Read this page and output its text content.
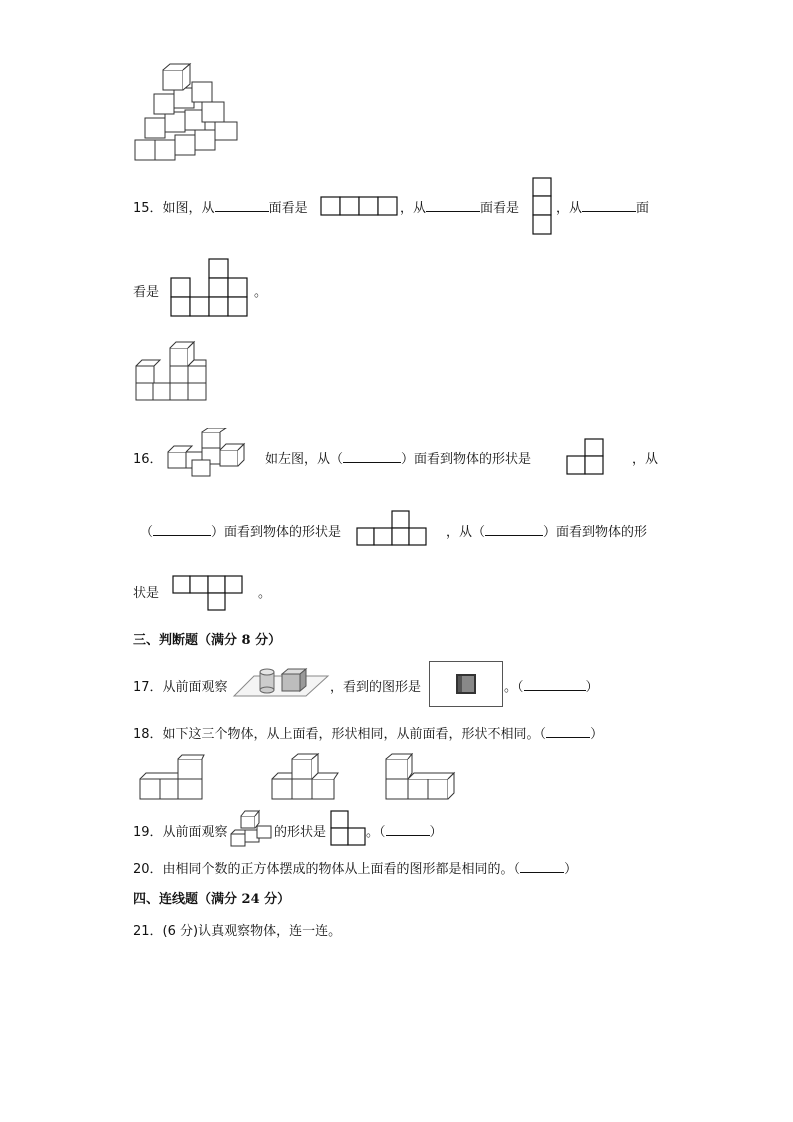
15．如图，从	面看是	，从	面看是	，从	面
看是	。
16．	如左图，从（	）面看到物体的形状是	，从
（	）面看到物体的形状是	，从（	）面看到物体的形
状是	。
三、判断题（满分 8 分）
17．从前面观察	，看到的图形是	。（	）
18．如下这三个物体，从上面看，形状相同，从前面看，形状不相同。（	）
19．从前面观察	的形状是	。（	）
20．由相同个数的正方体摆成的物体从上面看的图形都是相同的。（	）
四、连线题（满分 24 分）
21．(6 分)认真观察物体，连一连。
